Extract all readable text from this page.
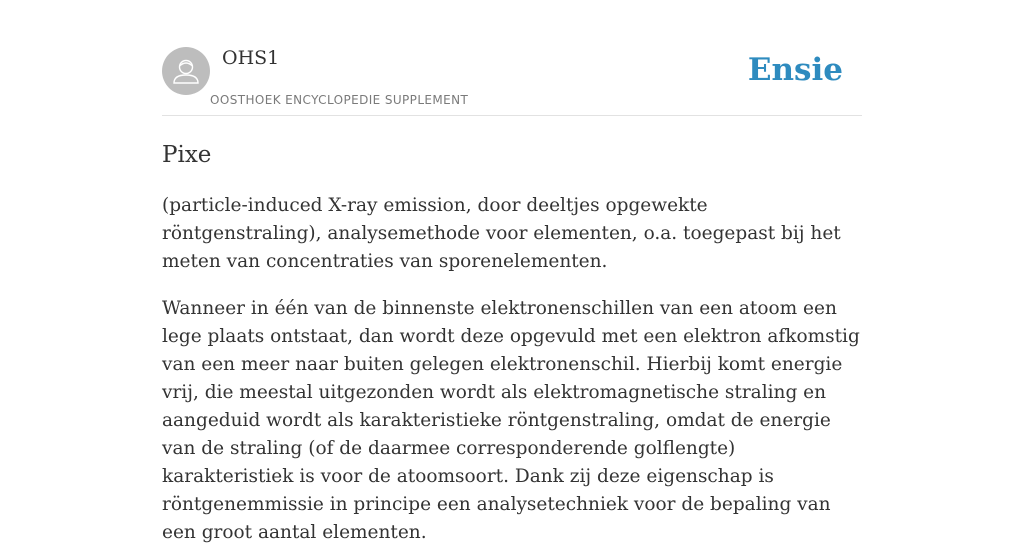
OHS1
OOSTHOEK ENCYCLOPEDIE SUPPLEMENT
Ensie
Pixe

(particle-induced X-ray emission, door deeltjes opgewekte röntgenstraling), analysemethode voor elementen, o.a. toegepast bij het meten van concentraties van sporenelementen.

Wanneer in één van de binnenste elektronenschillen van een atoom een lege plaats ontstaat, dan wordt deze opgevuld met een elektron afkomstig van een meer naar buiten gelegen elektronenschil. Hierbij komt energie vrij, die meestal uitgezonden wordt als elektromagnetische straling en aangeduid wordt als karakteristieke röntgenstraling, omdat de energie van de straling (of de daarmee corresponderende golflengte) karakteristiek is voor de atoomsoort. Dank zij deze eigenschap is röntgenemmissie in principe een analysetechniek voor de bepaling van een groot aantal elementen.
